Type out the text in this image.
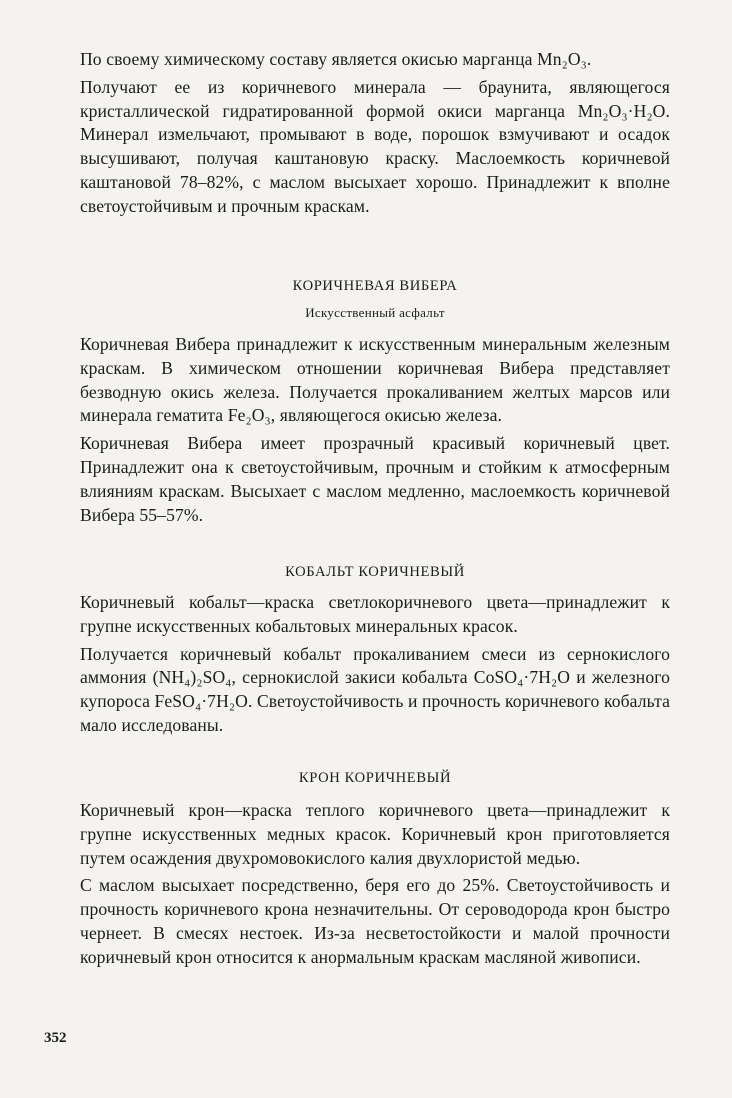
По своему химическому составу является окисью марганца Mn₂O₃.

Получают ее из коричневого минерала — браунита, являющегося кристаллической гидратированной формой окиси марганца Mn₂O₃·H₂O. Минерал измельчают, промывают в воде, порошок взмучивают и осадок высушивают, получая каштановую краску. Маслоемкость коричневой каштановой 78–82%, с маслом высыхает хорошо. Принадлежит к вполне светоустойчивым и прочным краскам.

КОРИЧНЕВАЯ ВИБЕРА
Искусственный асфальт

Коричневая Вибера принадлежит к искусственным минеральным железным краскам. В химическом отношении коричневая Вибера представляет безводную окись железа. Получается прокаливанием желтых марсов или минерала гематита Fe₂O₃, являющегося окисью железа.

Коричневая Вибера имеет прозрачный красивый коричневый цвет. Принадлежит она к светоустойчивым, прочным и стойким к атмосферным влияниям краскам. Высыхает с маслом медленно, маслоемкость коричневой Вибера 55–57%.

КОБАЛЬТ КОРИЧНЕВЫЙ

Коричневый кобальт—краска светлокоричневого цвета—принадлежит к групне искусственных кобальтовых минеральных красок.

Получается коричневый кобальт прокаливанием смеси из сернокислого аммония (NH₄)₂SO₄, сернокислой закиси кобальта CoSO₄·7H₂O и железного купороса FeSO₄·7H₂O. Светоустойчивость и прочность коричневого кобальта мало исследованы.

КРОН КОРИЧНЕВЫЙ

Коричневый крон—краска теплого коричневого цвета—принадлежит к групне искусственных медных красок. Коричневый крон приготовляется путем осаждения двухромовокислого калия двухлористой медью.

С маслом высыхает посредственно, беря его до 25%. Светоустойчивость и прочность коричневого крона незначительны. От сероводорода крон быстро чернеет. В смесях нестоек. Из-за несветостойкости и малой прочности коричневый крон относится к анормальным краскам масляной живописи.

352
